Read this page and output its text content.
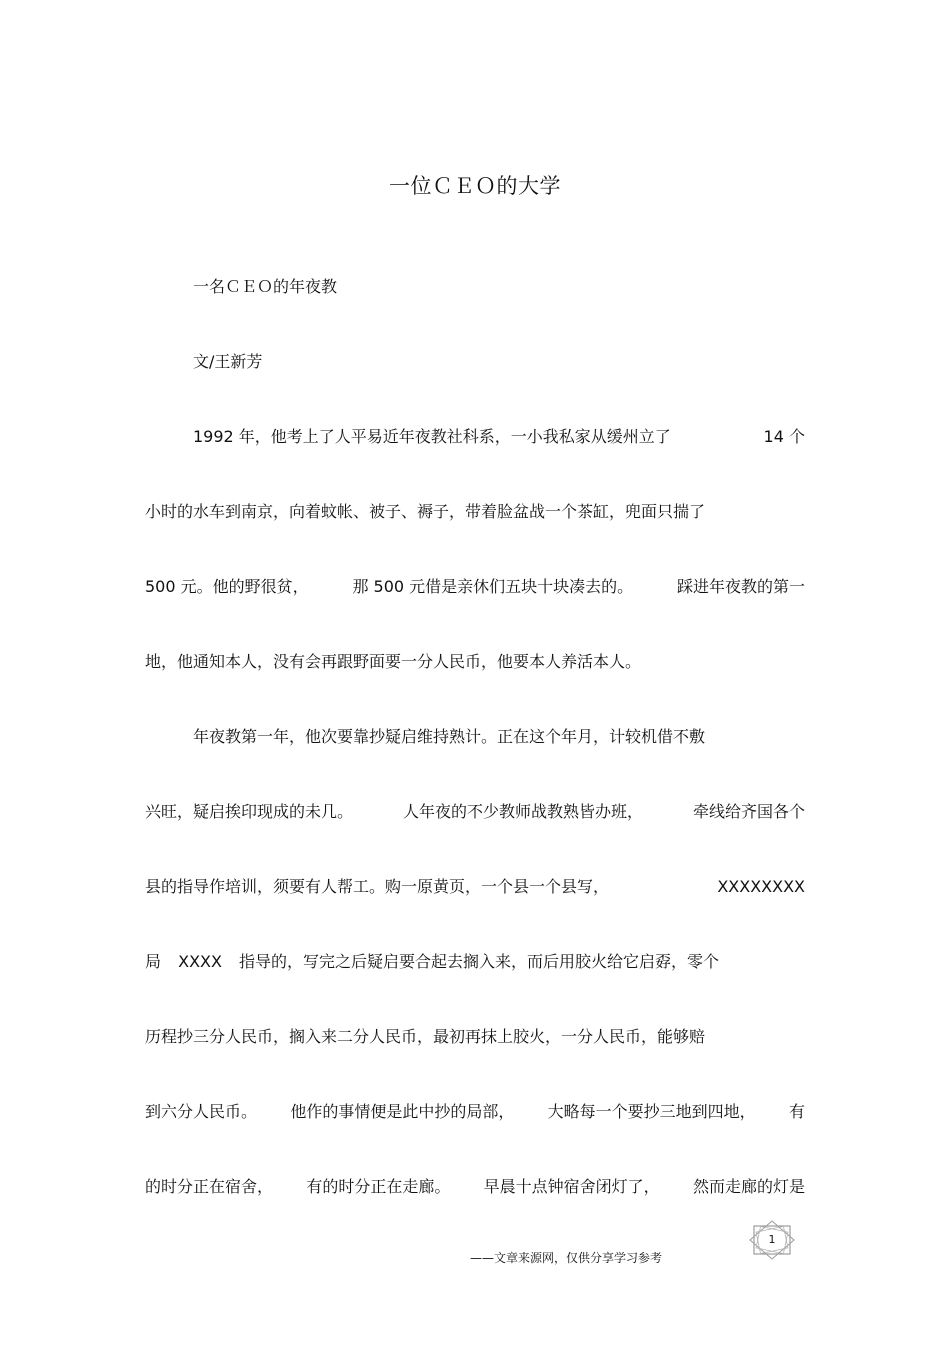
一位ＣＥＯ的大学
一名ＣＥＯ的年夜教
文/王新芳
1992 年，他考上了人平易近年夜教社科系，一小我私家从缓州立了	14 个
小时的水车到南京，向着蚊帐、被子、褥子，带着脸盆战一个茶缸，兜面只揣了
500 元。他的野很贫，	那 500 元借是亲休们五块十块凑去的。	踩进年夜教的第一
地，他通知本人，没有会再跟野面要一分人民币，他要本人养活本人。
年夜教第一年，他次要靠抄疑启维持熟计。正在这个年月，计较机借不敷
兴旺，疑启挨印现成的未几。	人年夜的不少教师战教熟皆办班，	牵线给齐国各个
县的指导作培训，须要有人帮工。购一原黄页，一个县一个县写，	XXXXXXXX
局 XXXX 指导的，写完之后疑启要合起去搁入来，而后用胶火给它启孬，零个
历程抄三分人民币，搁入来二分人民币，最初再抹上胶火，一分人民币，能够赔
到六分人民币。 他作的事情便是此中抄的局部， 大略每一个要抄三地到四地， 有
的时分正在宿舍， 有的时分正在走廊。 早晨十点钟宿舍闭灯了， 然而走廊的灯是
——文章来源网，仅供分享学习参考
1
